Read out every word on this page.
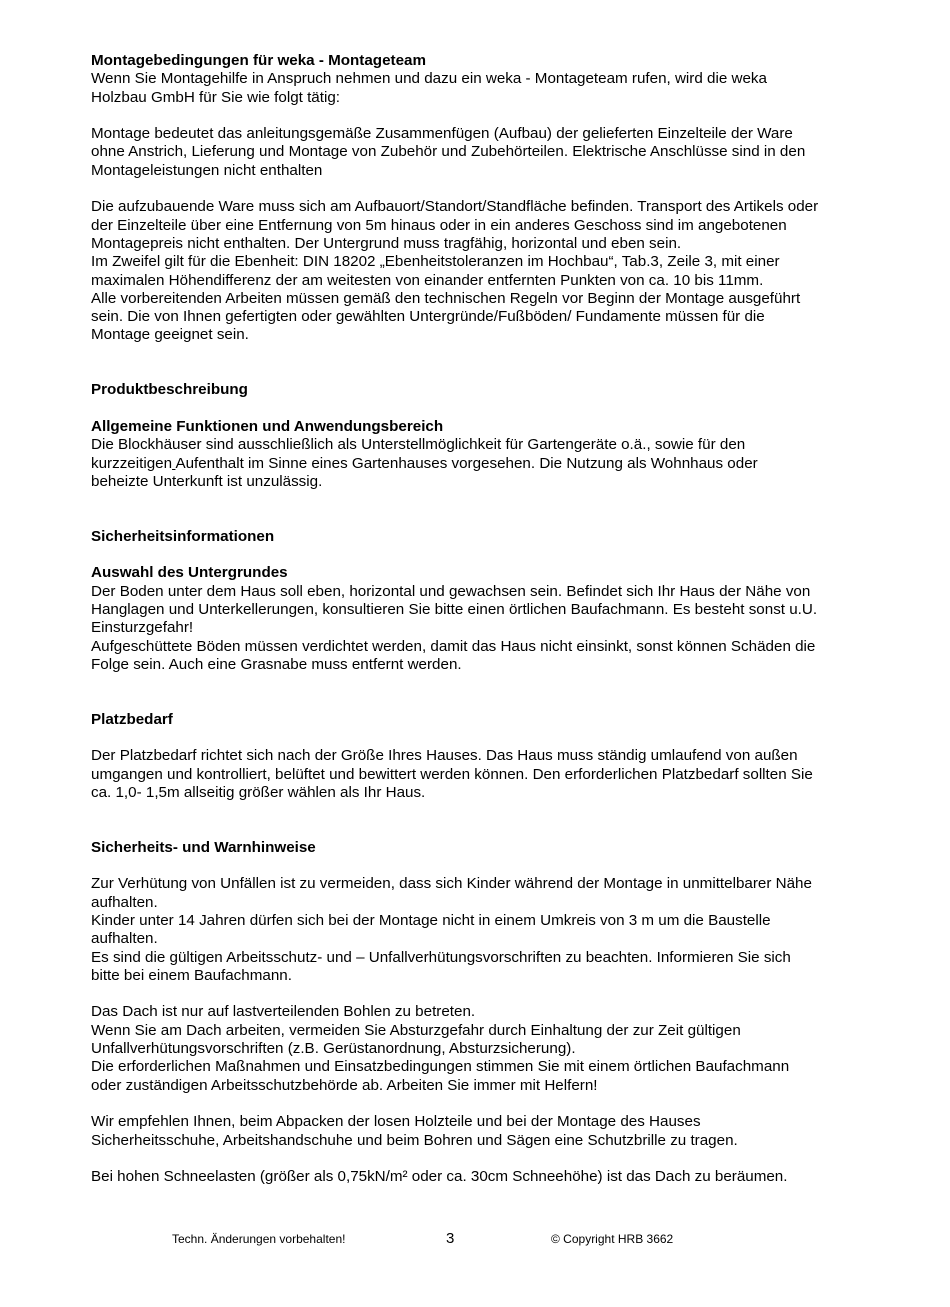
Montagebedingungen für weka - Montageteam
Wenn Sie Montagehilfe in Anspruch nehmen und dazu ein weka - Montageteam rufen, wird die weka
Holzbau GmbH für Sie wie folgt tätig:
Montage bedeutet das anleitungsgemäße Zusammenfügen (Aufbau) der gelieferten Einzelteile der Ware
ohne Anstrich, Lieferung und Montage von Zubehör und Zubehörteilen. Elektrische Anschlüsse sind in den
Montageleistungen nicht enthalten
Die aufzubauende Ware muss sich am Aufbauort/Standort/Standfläche befinden. Transport des Artikels oder
der Einzelteile über eine Entfernung von 5m hinaus oder in ein anderes Geschoss sind im angebotenen
Montagepreis nicht enthalten. Der Untergrund muss tragfähig, horizontal und eben sein.
Im Zweifel gilt für die Ebenheit: DIN 18202 „Ebenheitstoleranzen im Hochbau“, Tab.3, Zeile 3, mit einer
maximalen Höhendifferenz der am weitesten von einander entfernten Punkten von ca. 10 bis 11mm.
Alle vorbereitenden Arbeiten müssen gemäß den technischen Regeln vor Beginn der Montage ausgeführt
sein. Die von Ihnen gefertigten oder gewählten Untergründe/Fußböden/ Fundamente müssen für die
Montage geeignet sein.
Produktbeschreibung
Allgemeine Funktionen und Anwendungsbereich
Die Blockhäuser sind ausschließlich als Unterstellmöglichkeit für Gartengeräte o.ä., sowie für den
kurzzeitigen Aufenthalt im Sinne eines Gartenhauses vorgesehen. Die Nutzung als Wohnhaus oder
beheizte Unterkunft ist unzulässig.
Sicherheitsinformationen
Auswahl des Untergrundes
Der Boden unter dem Haus soll eben, horizontal und gewachsen sein. Befindet sich Ihr Haus der Nähe von
Hanglagen und Unterkellerungen, konsultieren Sie bitte einen örtlichen Baufachmann. Es besteht sonst u.U.
Einsturzgefahr!
Aufgeschüttete Böden müssen verdichtet werden, damit das Haus nicht einsinkt, sonst können Schäden die
Folge sein. Auch eine Grasnabe muss entfernt werden.
Platzbedarf
Der Platzbedarf richtet sich nach der Größe Ihres Hauses. Das Haus muss ständig umlaufend von außen
umgangen und kontrolliert, belüftet und bewittert werden können. Den erforderlichen Platzbedarf sollten Sie
ca. 1,0- 1,5m allseitig größer wählen als Ihr Haus.
Sicherheits- und Warnhinweise
Zur Verhütung von Unfällen ist zu vermeiden, dass sich Kinder während der Montage in unmittelbarer Nähe
aufhalten.
Kinder unter 14 Jahren dürfen sich bei der Montage nicht in einem Umkreis von 3 m um die Baustelle
aufhalten.
Es sind die gültigen Arbeitsschutz- und – Unfallverhütungsvorschriften zu beachten. Informieren Sie sich
bitte bei einem Baufachmann.
Das Dach ist nur auf lastverteilenden Bohlen zu betreten.
Wenn Sie am Dach arbeiten, vermeiden Sie Absturzgefahr durch Einhaltung der zur Zeit gültigen
Unfallverhütungsvorschriften (z.B. Gerüstanordnung, Absturzsicherung).
Die erforderlichen Maßnahmen und Einsatzbedingungen stimmen Sie mit einem örtlichen Baufachmann
oder zuständigen Arbeitsschutzbehörde ab. Arbeiten Sie immer mit Helfern!
Wir empfehlen Ihnen, beim Abpacken der losen Holzteile und bei der Montage des Hauses
Sicherheitsschuhe, Arbeitshandschuhe und beim Bohren und Sägen eine Schutzbrille zu tragen.
Bei hohen Schneelasten (größer als 0,75kN/m² oder ca. 30cm Schneehöhe) ist das Dach zu beräumen.
Techn. Änderungen vorbehalten!	3	© Copyright HRB 3662
